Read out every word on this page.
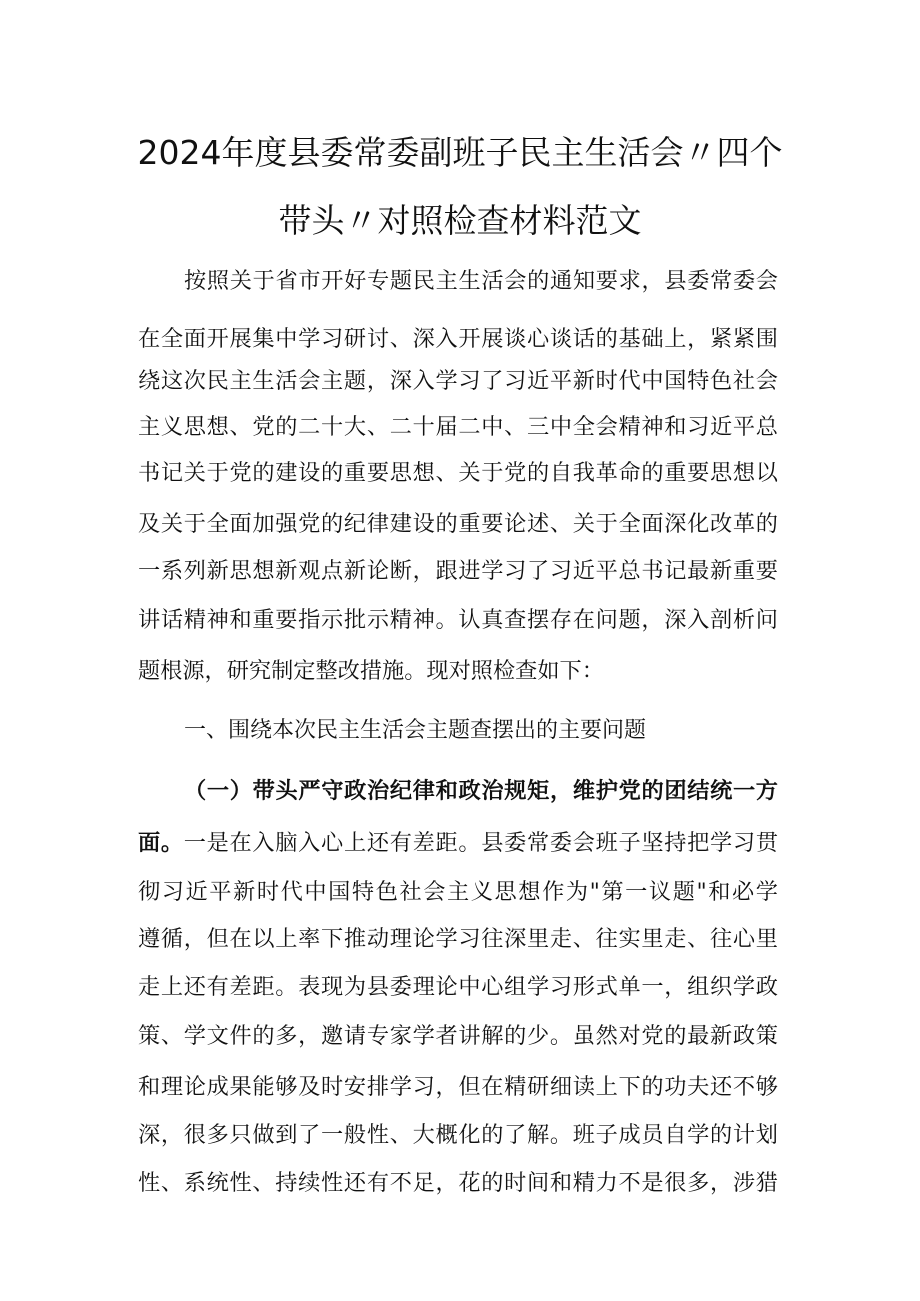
2024年度县委常委副班子民主生活会〃四个
带头〃对照检查材料范文
按照关于省市开好专题民主生活会的通知要求，县委常委会
在全面开展集中学习研讨、深入开展谈心谈话的基础上，紧紧围
绕这次民主生活会主题，深入学习了习近平新时代中国特色社会
主义思想、党的二十大、二十届二中、三中全会精神和习近平总
书记关于党的建设的重要思想、关于党的自我革命的重要思想以
及关于全面加强党的纪律建设的重要论述、关于全面深化改革的
一系列新思想新观点新论断，跟进学习了习近平总书记最新重要
讲话精神和重要指示批示精神。认真查摆存在问题，深入剖析问
题根源，研究制定整改措施。现对照检查如下：
一、围绕本次民主生活会主题查摆出的主要问题
（一）带头严守政治纪律和政治规矩，维护党的团结统一方
面。一是在入脑入心上还有差距。县委常委会班子坚持把学习贯
彻习近平新时代中国特色社会主义思想作为"第一议题"和必学
遵循，但在以上率下推动理论学习往深里走、往实里走、往心里
走上还有差距。表现为县委理论中心组学习形式单一，组织学政
策、学文件的多，邀请专家学者讲解的少。虽然对党的最新政策
和理论成果能够及时安排学习，但在精研细读上下的功夫还不够
深，很多只做到了一般性、大概化的了解。班子成员自学的计划
性、系统性、持续性还有不足，花的时间和精力不是很多，涉猎
